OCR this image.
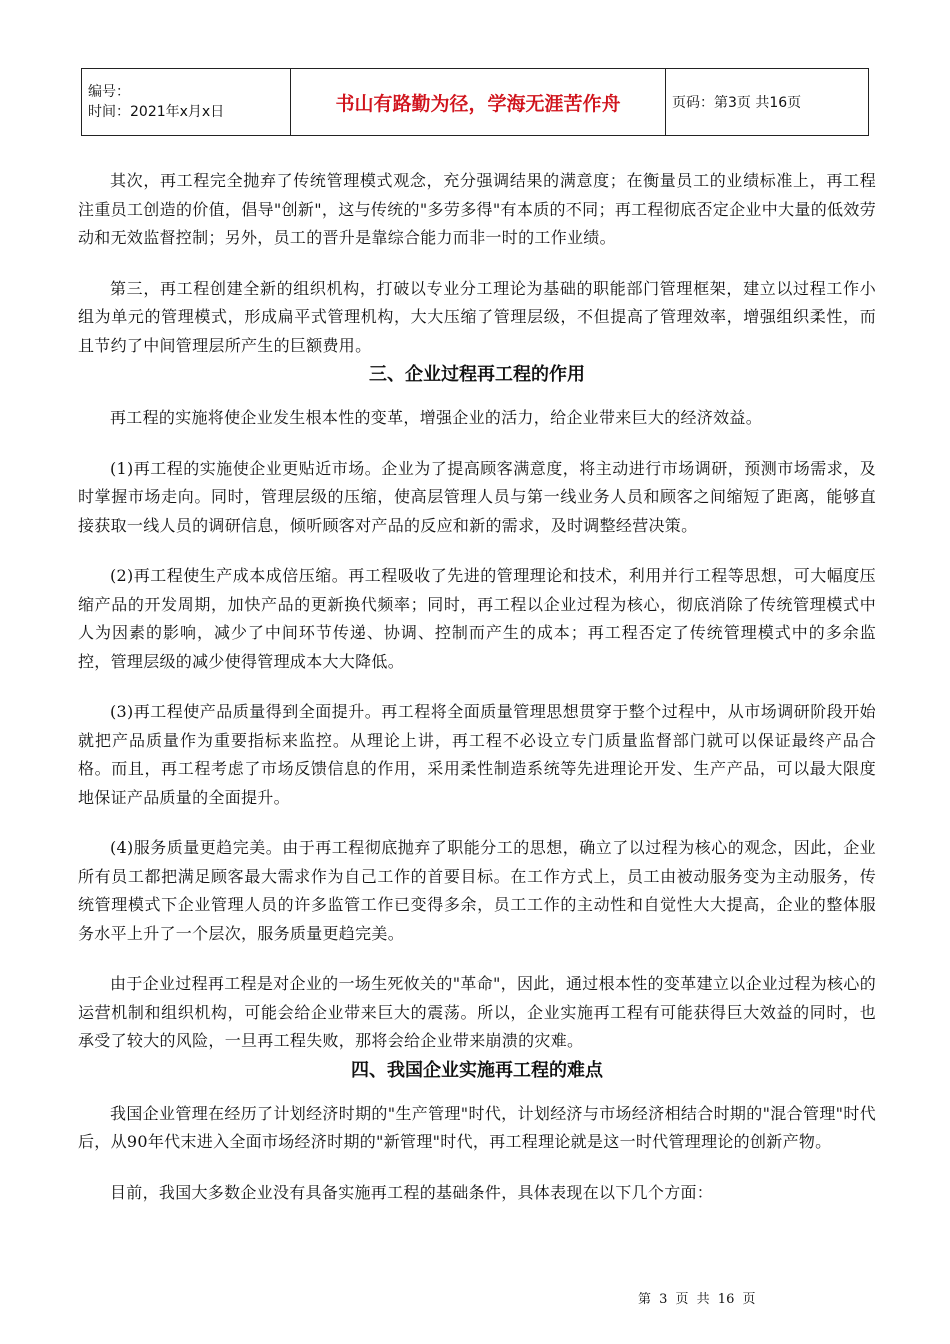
编号：
时间：2021年x月x日	书山有路勤为径，学海无涯苦作舟	页码：第3页 共16页

其次，再工程完全抛弃了传统管理模式观念，充分强调结果的满意度；在衡量员工的业绩标准上，再工程注重员工创造的价值，倡导"创新"，这与传统的"多劳多得"有本质的不同；再工程彻底否定企业中大量的低效劳动和无效监督控制；另外，员工的晋升是靠综合能力而非一时的工作业绩。

第三，再工程创建全新的组织机构，打破以专业分工理论为基础的职能部门管理框架，建立以过程工作小组为单元的管理模式，形成扁平式管理机构，大大压缩了管理层级，不但提高了管理效率，增强组织柔性，而且节约了中间管理层所产生的巨额费用。

三、企业过程再工程的作用

再工程的实施将使企业发生根本性的变革，增强企业的活力，给企业带来巨大的经济效益。

(1)再工程的实施使企业更贴近市场。企业为了提高顾客满意度，将主动进行市场调研，预测市场需求，及时掌握市场走向。同时，管理层级的压缩，使高层管理人员与第一线业务人员和顾客之间缩短了距离，能够直接获取一线人员的调研信息，倾听顾客对产品的反应和新的需求，及时调整经营决策。

(2)再工程使生产成本成倍压缩。再工程吸收了先进的管理理论和技术，利用并行工程等思想，可大幅度压缩产品的开发周期，加快产品的更新换代频率；同时，再工程以企业过程为核心，彻底消除了传统管理模式中人为因素的影响，减少了中间环节传递、协调、控制而产生的成本；再工程否定了传统管理模式中的多余监控，管理层级的减少使得管理成本大大降低。

(3)再工程使产品质量得到全面提升。再工程将全面质量管理思想贯穿于整个过程中，从市场调研阶段开始就把产品质量作为重要指标来监控。从理论上讲，再工程不必设立专门质量监督部门就可以保证最终产品合格。而且，再工程考虑了市场反馈信息的作用，采用柔性制造系统等先进理论开发、生产产品，可以最大限度地保证产品质量的全面提升。

(4)服务质量更趋完美。由于再工程彻底抛弃了职能分工的思想，确立了以过程为核心的观念，因此，企业所有员工都把满足顾客最大需求作为自己工作的首要目标。在工作方式上，员工由被动服务变为主动服务，传统管理模式下企业管理人员的许多监管工作已变得多余，员工工作的主动性和自觉性大大提高，企业的整体服务水平上升了一个层次，服务质量更趋完美。

由于企业过程再工程是对企业的一场生死攸关的"革命"，因此，通过根本性的变革建立以企业过程为核心的运营机制和组织机构，可能会给企业带来巨大的震荡。所以，企业实施再工程有可能获得巨大效益的同时，也承受了较大的风险，一旦再工程失败，那将会给企业带来崩溃的灾难。

四、我国企业实施再工程的难点

我国企业管理在经历了计划经济时期的"生产管理"时代，计划经济与市场经济相结合时期的"混合管理"时代后，从90年代末进入全面市场经济时期的"新管理"时代，再工程理论就是这一时代管理理论的创新产物。

目前，我国大多数企业没有具备实施再工程的基础条件，具体表现在以下几个方面：

第 3 页 共 16 页
